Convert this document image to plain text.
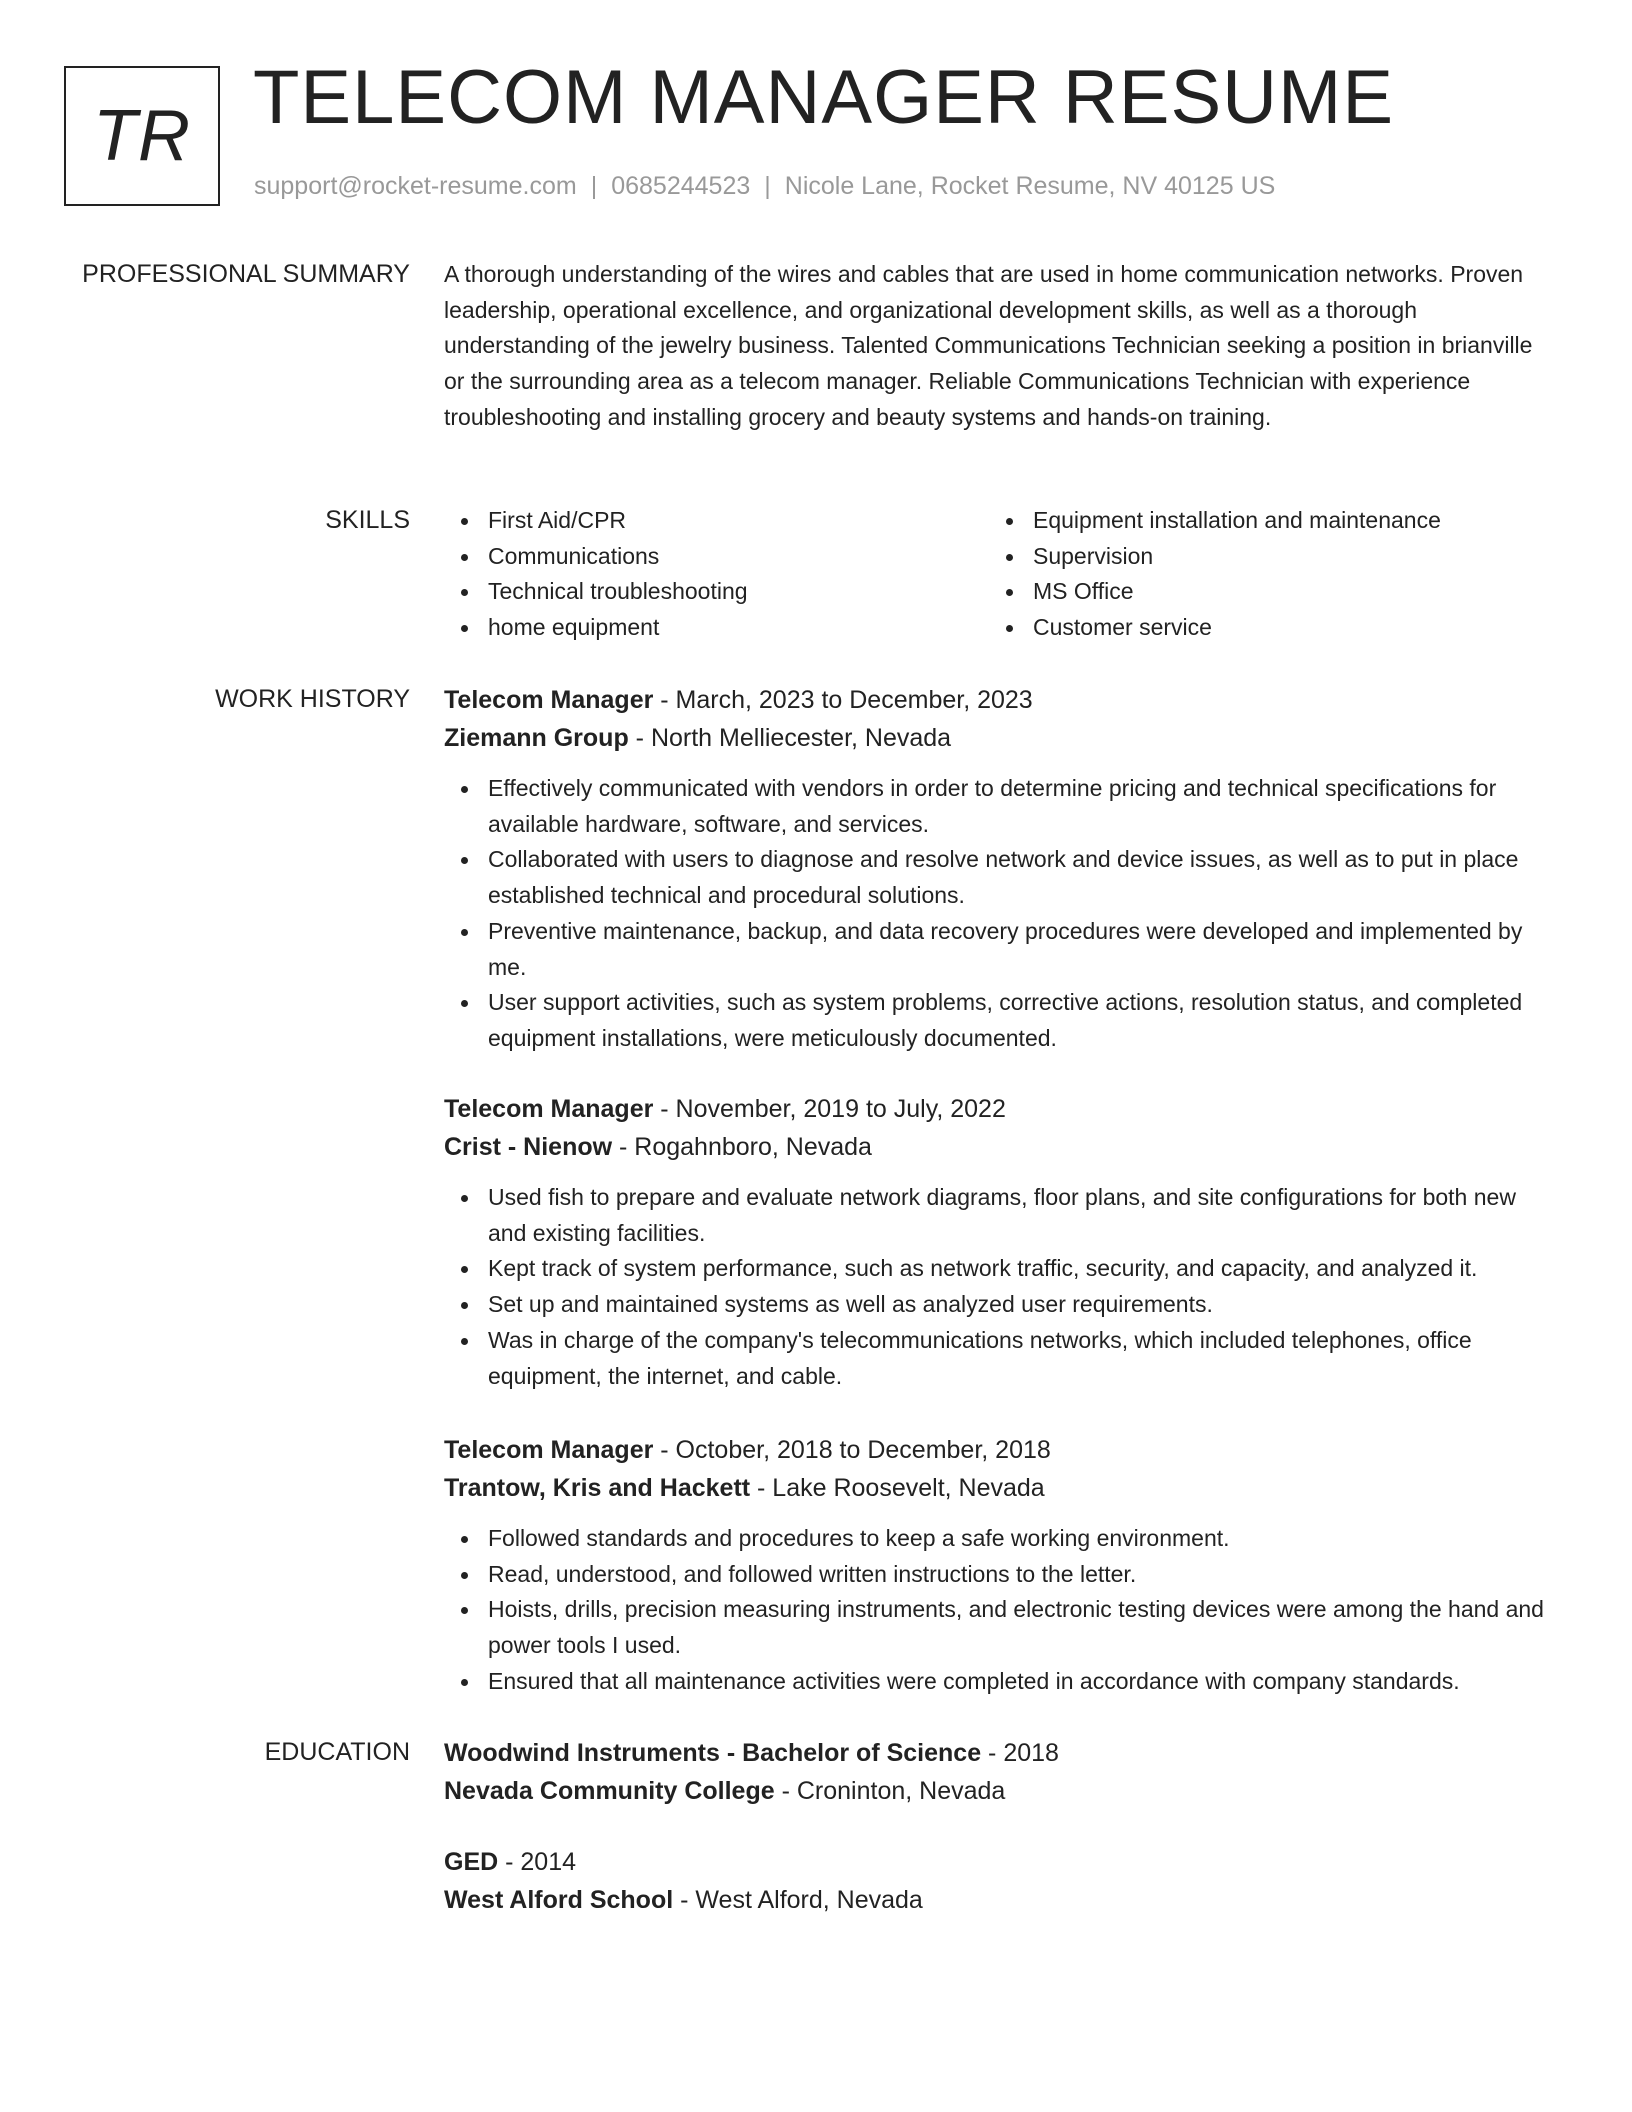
TR TELECOM MANAGER RESUME
support@rocket-resume.com | 0685244523 | Nicole Lane, Rocket Resume, NV 40125 US
PROFESSIONAL SUMMARY A thorough understanding of the wires and cables that are used in home communication networks. Proven leadership, operational excellence, and organizational development skills, as well as a thorough understanding of the jewelry business. Talented Communications Technician seeking a position in brianville or the surrounding area as a telecom manager. Reliable Communications Technician with experience troubleshooting and installing grocery and beauty systems and hands-on training.

SKILLS	First Aid/CPR
Communications
Technical troubleshooting
home equipment
Equipment installation and maintenance
Supervision
MS Office
Customer service
WORK HISTORY Telecom Manager - March, 2023 to December, 2023
Ziemann Group - North Melliecester, Nevada
Effectively communicated with vendors in order to determine pricing and technical specifications for available hardware, software, and services.
Collaborated with users to diagnose and resolve network and device issues, as well as to put in place established technical and procedural solutions.
Preventive maintenance, backup, and data recovery procedures were developed and implemented by me.
User support activities, such as system problems, corrective actions, resolution status, and completed equipment installations, were meticulously documented.
Telecom Manager - November, 2019 to July, 2022
Crist - Nienow - Rogahnboro, Nevada
Used fish to prepare and evaluate network diagrams, floor plans, and site configurations for both new and existing facilities.
Kept track of system performance, such as network traffic, security, and capacity, and analyzed it.
Set up and maintained systems as well as analyzed user requirements.
Was in charge of the company's telecommunications networks, which included telephones, office equipment, the internet, and cable.
Telecom Manager - October, 2018 to December, 2018
Trantow, Kris and Hackett - Lake Roosevelt, Nevada
Followed standards and procedures to keep a safe working environment.
Read, understood, and followed written instructions to the letter.
Hoists, drills, precision measuring instruments, and electronic testing devices were among the hand and power tools I used.
Ensured that all maintenance activities were completed in accordance with company standards.
EDUCATION Woodwind Instruments - Bachelor of Science - 2018
Nevada Community College - Croninton, Nevada
GED - 2014
West Alford School - West Alford, Nevada
